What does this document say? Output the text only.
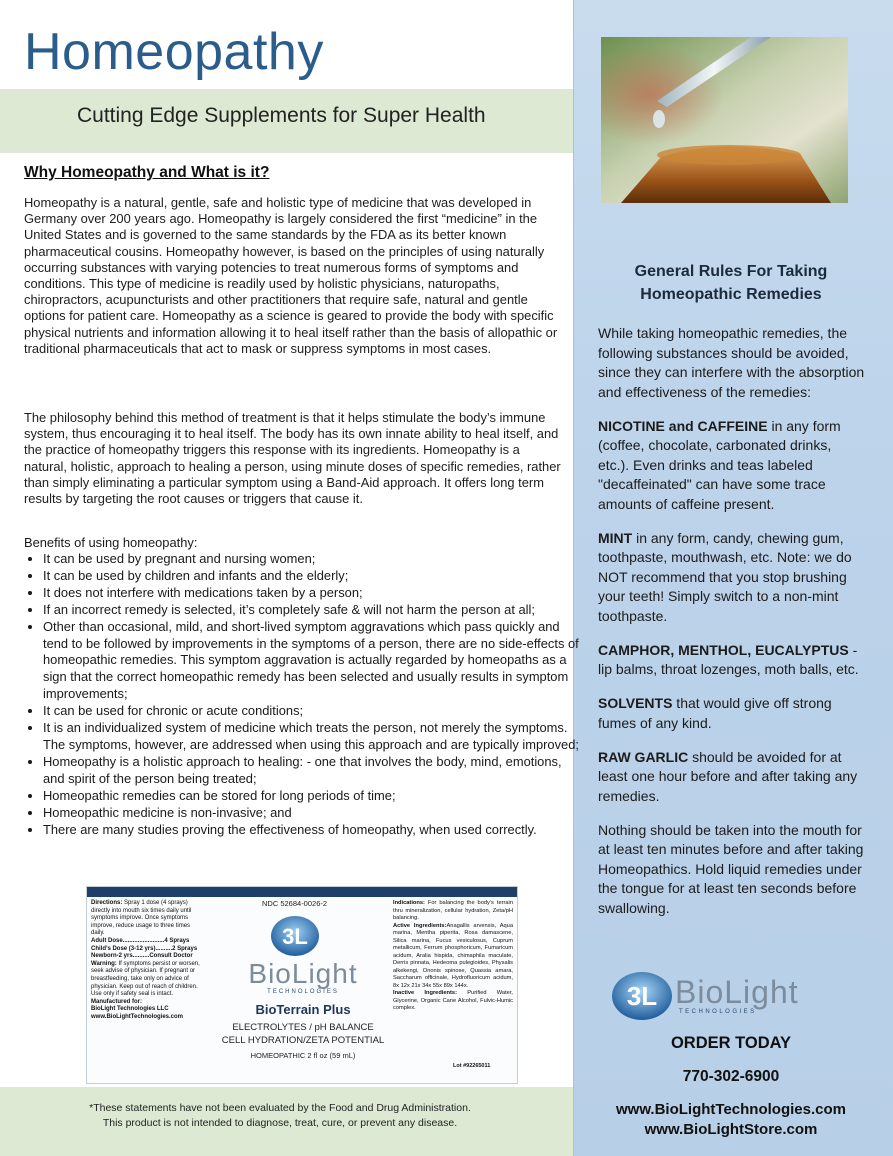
Homeopathy
Cutting Edge Supplements for Super Health
Why Homeopathy and What is it?

Homeopathy is a natural, gentle, safe and holistic type of medicine that was developed in Germany over 200 years ago. Homeopathy is largely considered the first “medicine” in the United States and is governed to the same standards by the FDA as its better known pharmaceutical cousins. Homeopathy however, is based on the principles of using naturally occurring substances with varying potencies to treat numerous forms of symptoms and conditions. This type of medicine is readily used by holistic physicians, naturopaths, chiropractors, acupuncturists and other practitioners that require safe, natural and gentle options for patient care. Homeopathy as a science is geared to provide the body with specific physical nutrients and information allowing it to heal itself rather than the basis of allopathic or traditional pharmaceuticals that act to mask or suppress symptoms in most cases.

The philosophy behind this method of treatment is that it helps stimulate the body’s immune system, thus encouraging it to heal itself. The body has its own innate ability to heal itself, and the practice of homeopathy triggers this response with its ingredients. Homeopathy is a natural, holistic, approach to healing a person, using minute doses of specific remedies, rather than simply eliminating a particular symptom using a Band-Aid approach. It offers long term results by targeting the root causes or triggers that cause it.

Benefits of using homeopathy:

• It can be used by pregnant and nursing women;
• It can be used by children and infants and the elderly;
• It does not interfere with medications taken by a person;
• If an incorrect remedy is selected, it’s completely safe & will not harm the person at all;
• Other than occasional, mild, and short-lived symptom aggravations which pass quickly and tend to be followed by improvements in the symptoms of a person, there are no side-effects of homeopathic remedies. This symptom aggravation is actually regarded by homeopaths as a sign that the correct homeopathic remedy has been selected and usually results in symptom improvements;
• It can be used for chronic or acute conditions;
• It is an individualized system of medicine which treats the person, not merely the symptoms. The symptoms, however, are addressed when using this approach and are typically improved;
• Homeopathy is a holistic approach to healing: - one that involves the body, mind, emotions, and spirit of the person being treated;
• Homeopathic remedies can be stored for long periods of time;
• Homeopathic medicine is non-invasive; and
• There are many studies proving the effectiveness of homeopathy, when used correctly.
Directions: Spray 1 dose (4 sprays) directly into mouth six times daily until symptoms improve. Once symptoms improve, reduce usage to three times daily.
Adult Dose.........................4 Sprays
Child’s Dose (3-12 yrs)..........2 Sprays
Newborn-2 yrs..........Consult Doctor
Warning: If symptoms persist or worsen, seek advise of physician. If pregnant or breastfeeding, take only on advice of physician. Keep out of reach of children. Use only if safety seal is intact.
Manufactured for:
BioLight Technologies LLC
www.BioLightTechnologies.com
NDC 52684-0026-2
3L
BioLight
TECHNOLOGIES
BioTerrain Plus
ELECTROLYTES / pH BALANCE
CELL HYDRATION/ZETA POTENTIAL
HOMEOPATHIC 2 fl oz (59 mL)
Indications: For balancing the body’s terrain thru mineralization, cellular hydration, Zeta/pH balancing.
Active Ingredients:Anagallis arvensis, Aqua marina, Mentha piperita, Rosa damascene, Silica marina, Fucus vesiculosus, Cuprum metallicum, Ferrum phosphoricum, Fumaricum acidum, Aralia hispida, chimaphila maculate, Derris pinnata, Hedeoma pulegioides, Physalis alkekengi, Ononis spinose, Quassia amara, Saccharum officinale, Hydrofluoricum acidum, 8x 12x 21x 34x 55x 89x 144x.
Inactive Ingredients: Purified Water, Glycerine, Organic Cane Alcohol, Fulvic-Humic complex.
Lot #92265011

*These statements have not been evaluated by the Food and Drug Administration.
This product is not intended to diagnose, treat, cure, or prevent any disease.

General Rules For Taking
Homeopathic Remedies

While taking homeopathic remedies, the following substances should be avoided, since they can interfere with the absorption and effectiveness of the remedies:

NICOTINE and CAFFEINE in any form (coffee, chocolate, carbonated drinks, etc.). Even drinks and teas labeled "decaffeinated" can have some trace amounts of caffeine present.

MINT in any form, candy, chewing gum, toothpaste, mouthwash, etc. Note: we do NOT recommend that you stop brushing your teeth! Simply switch to a non-mint toothpaste.

CAMPHOR, MENTHOL, EUCALYPTUS - lip balms, throat lozenges, moth balls, etc.

SOLVENTS that would give off strong fumes of any kind.

RAW GARLIC should be avoided for at least one hour before and after taking any remedies.

Nothing should be taken into the mouth for at least ten minutes before and after taking Homeopathics. Hold liquid remedies under the tongue for at least ten seconds before swallowing.

3L BioLight
TECHNOLOGIES

ORDER TODAY

770-302-6900

www.BioLightTechnologies.com

www.BioLightStore.com
